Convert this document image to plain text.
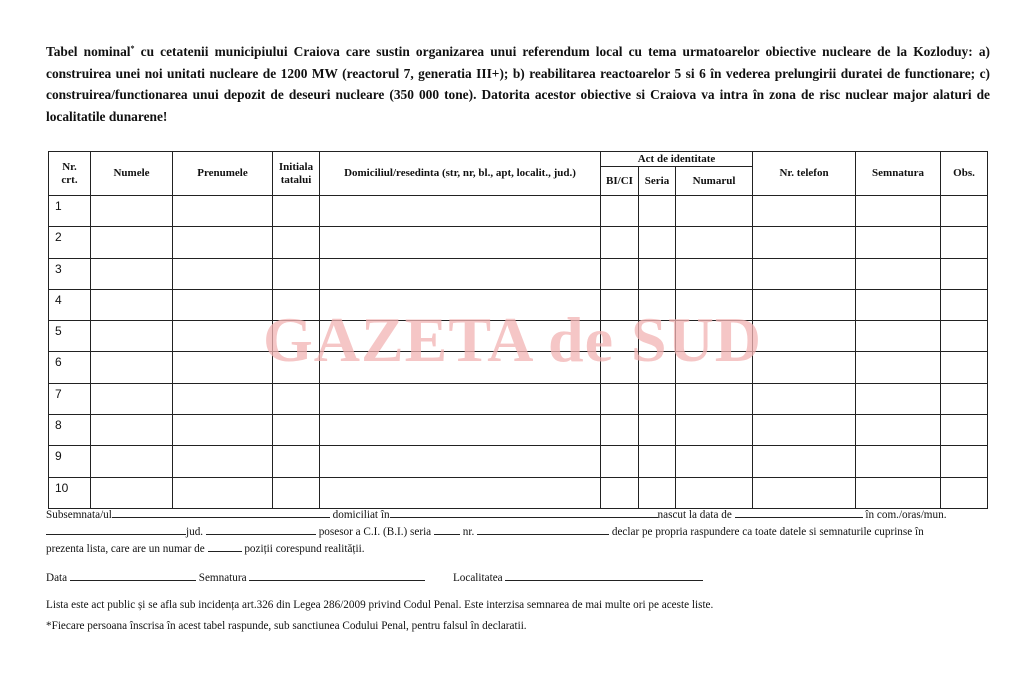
Tabel nominal* cu cetatenii municipiului Craiova care sustin organizarea unui referendum local cu tema urmatoarelor obiective nucleare de la Kozloduy: a) construirea unei noi unitati nucleare de 1200 MW (reactorul 7, generatia III+); b) reabilitarea reactoarelor 5 si 6 în vederea prelungirii duratei de functionare; c) construirea/functionarea unui depozit de deseuri nucleare (350 000 tone). Datorita acestor obiective si Craiova va intra în zona de risc nuclear major alaturi de localitatile dunarene!
Nr. crt.	Numele	Prenumele	Initiala tatalui	Domiciliul/resedinta (str, nr, bl., apt, localit., jud.)	Act de identitate			Nr. telefon	Semnatura	Obs.
					BI/CI	Seria	Numarul			
1										
2										
3										
4										
5										
6										
7										
8										
9										
10										
GAZETA de SUD
Subsemnata/ul	domiciliat în	nascut la data de	în com./oras/mun.
jud.	posesor a C.I. (B.I.) seria	nr.	declar pe propria raspundere ca toate datele si semnaturile cuprinse în
prezenta lista, care are un numar de	poziții corespund realității.
Data	Semnatura	Localitatea
Lista este act public și se afla sub incidența art.326 din Legea 286/2009 privind Codul Penal. Este interzisa semnarea de mai multe ori pe aceste liste.
*Fiecare persoana înscrisa în acest tabel raspunde, sub sanctiunea Codului Penal, pentru falsul în declaratii.
